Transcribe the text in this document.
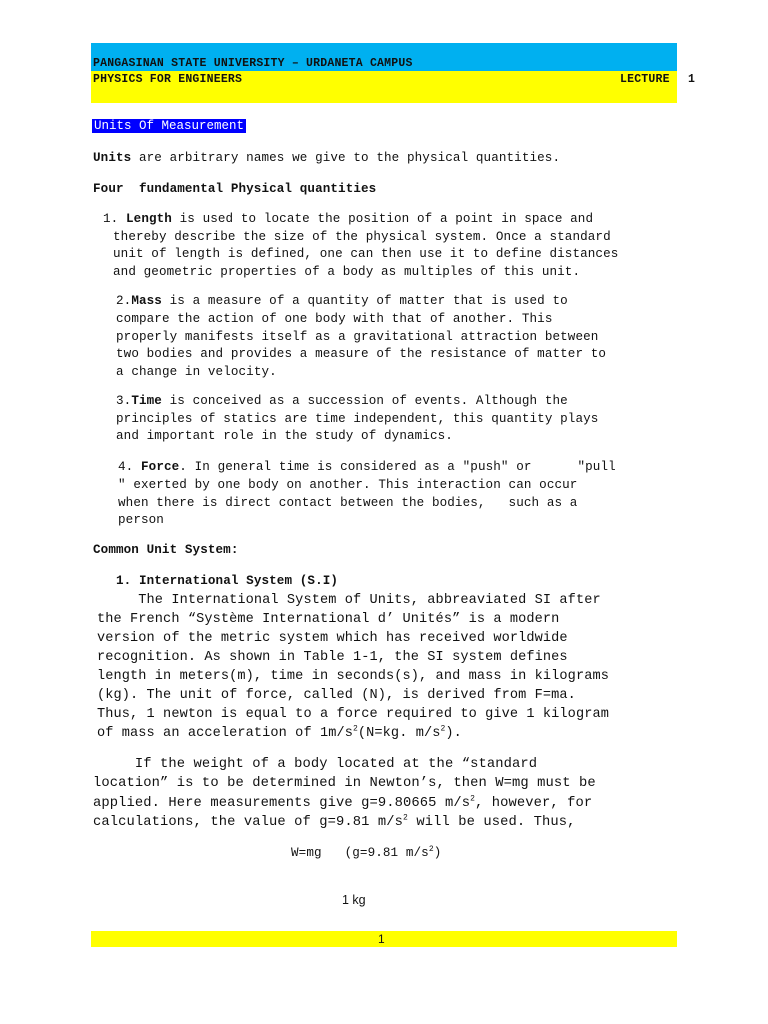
PANGASINAN STATE UNIVERSITY – URDANETA CAMPUS
PHYSICS FOR ENGINEERS	LECTURE 1
Units Of Measurement
Units are arbitrary names we give to the physical quantities.
Four  fundamental Physical quantities
1. Length is used to locate the position of a point in space and
thereby describe the size of the physical system. Once a standard
unit of length is defined, one can then use it to define distances
and geometric properties of a body as multiples of this unit.
2.Mass is a measure of a quantity of matter that is used to
compare the action of one body with that of another. This
properly manifests itself as a gravitational attraction between
two bodies and provides a measure of the resistance of matter to
a change in velocity.
3.Time is conceived as a succession of events. Although the
principles of statics are time independent, this quantity plays
and important role in the study of dynamics.
4. Force. In general time is considered as a "push" or      "pull
" exerted by one body on another. This interaction can occur
when there is direct contact between the bodies,   such as a
person
Common Unit System:
1. International System (S.I)
The International System of Units, abbreaviated SI after
the French “Système International d’ Unités” is a modern
version of the metric system which has received worldwide
recognition. As shown in Table 1-1, the SI system defines
length in meters(m), time in seconds(s), and mass in kilograms
(kg). The unit of force, called (N), is derived from F=ma.
Thus, 1 newton is equal to a force required to give 1 kilogram
of mass an acceleration of $1m/s^2(N=kg$. $m/s^2$).
If the weight of a body located at the “standard
location” is to be determined in Newton’s, then W=mg must be
applied. Here measurements give g=9.80665 $m/s^2$, however, for
calculations, the value of g=9.81 $m/s^2$ will be used. Thus,
W=mg   (g=9.81 $m/s^2$)
1 kg
1
